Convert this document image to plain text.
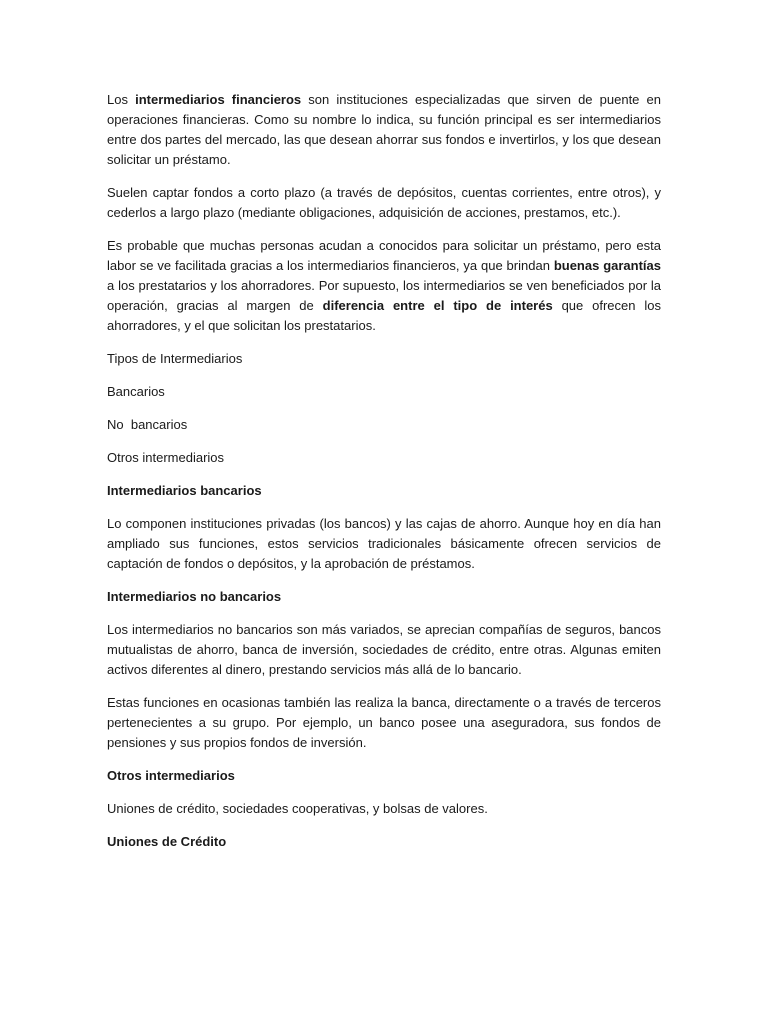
Los intermediarios financieros son instituciones especializadas que sirven de puente en operaciones financieras. Como su nombre lo indica, su función principal es ser intermediarios entre dos partes del mercado, las que desean ahorrar sus fondos e invertirlos, y los que desean solicitar un préstamo.

Suelen captar fondos a corto plazo (a través de depósitos, cuentas corrientes, entre otros), y cederlos a largo plazo (mediante obligaciones, adquisición de acciones, prestamos, etc.).

Es probable que muchas personas acudan a conocidos para solicitar un préstamo, pero esta labor se ve facilitada gracias a los intermediarios financieros, ya que brindan buenas garantías a los prestatarios y los ahorradores. Por supuesto, los intermediarios se ven beneficiados por la operación, gracias al margen de diferencia entre el tipo de interés que ofrecen los ahorradores, y el que solicitan los prestatarios.

Tipos de Intermediarios

Bancarios

No  bancarios

Otros intermediarios

Intermediarios bancarios

Lo componen instituciones privadas (los bancos) y las cajas de ahorro. Aunque hoy en día han ampliado sus funciones, estos servicios tradicionales básicamente ofrecen servicios de captación de fondos o depósitos, y la aprobación de préstamos.

Intermediarios no bancarios

Los intermediarios no bancarios son más variados, se aprecian compañías de seguros, bancos mutualistas de ahorro, banca de inversión, sociedades de crédito, entre otras. Algunas emiten activos diferentes al dinero, prestando servicios más allá de lo bancario.

Estas funciones en ocasionas también las realiza la banca, directamente o a través de terceros pertenecientes a su grupo. Por ejemplo, un banco posee una aseguradora, sus fondos de pensiones y sus propios fondos de inversión.

Otros intermediarios

Uniones de crédito, sociedades cooperativas, y bolsas de valores.

Uniones de Crédito
